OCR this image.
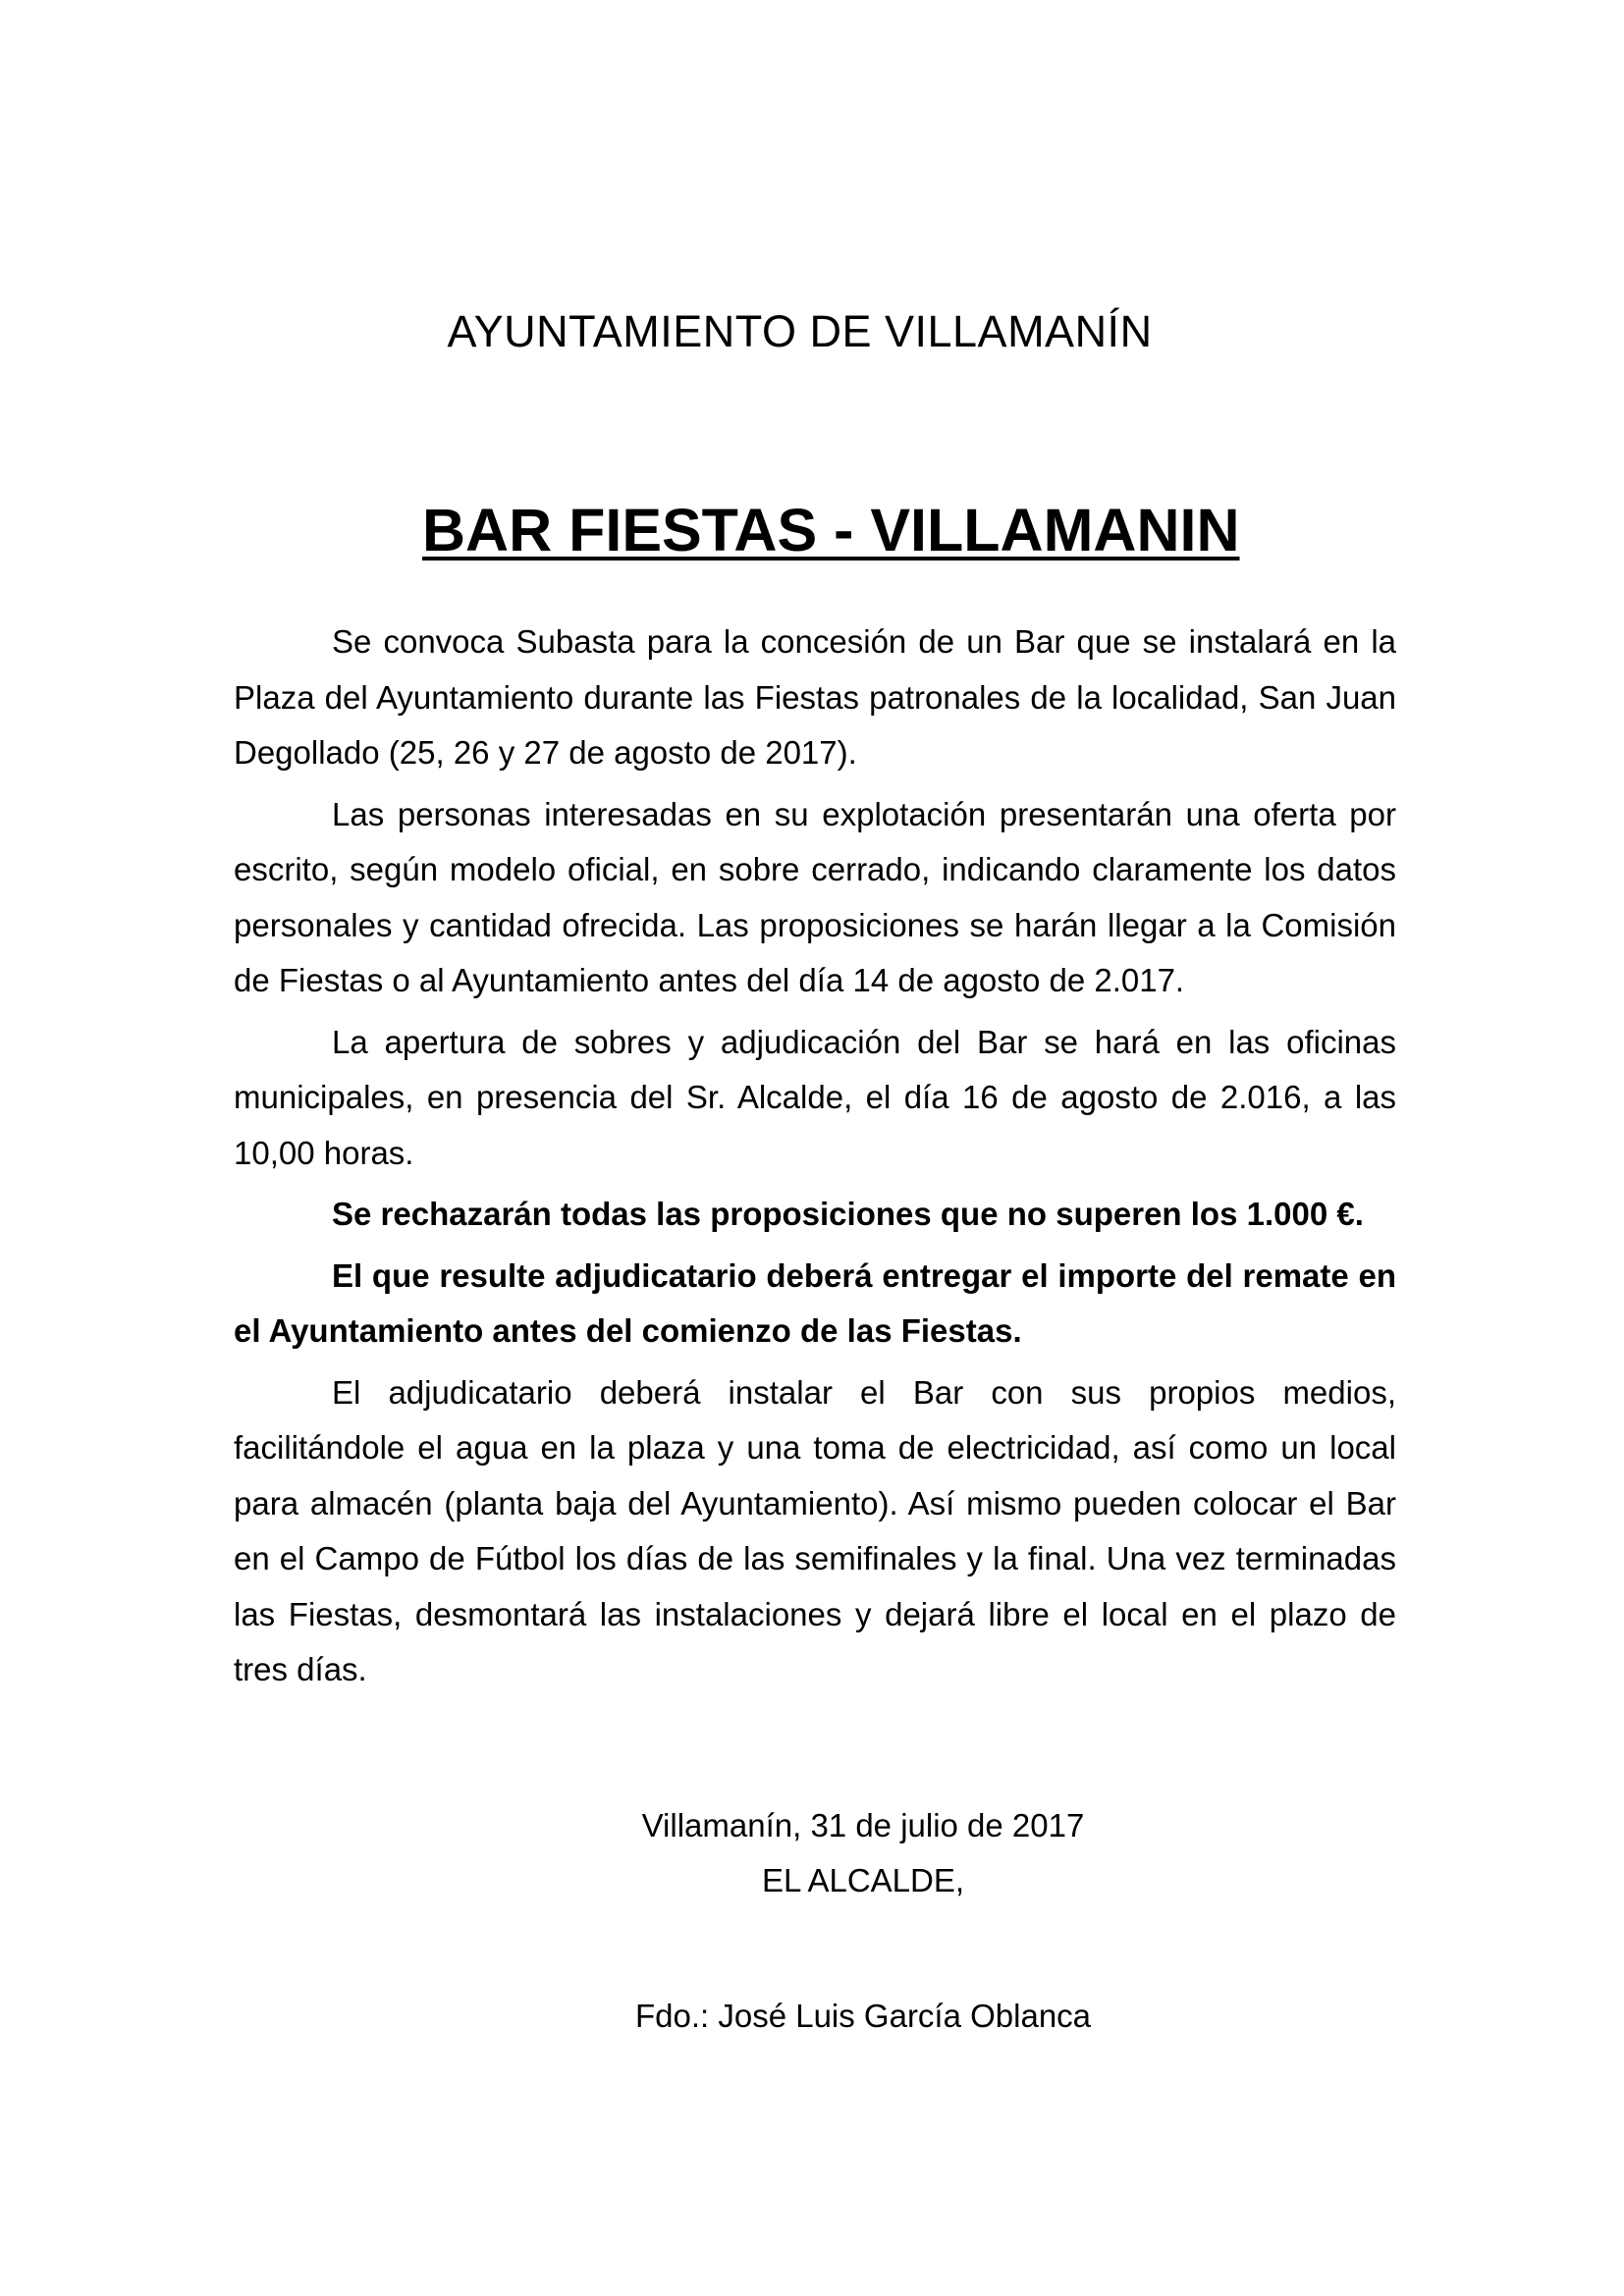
AYUNTAMIENTO DE VILLAMANÍN
BAR FIESTAS - VILLAMANIN

Se convoca Subasta para la concesión de un Bar que se instalará en la Plaza del Ayuntamiento durante las Fiestas patronales de la localidad, San Juan Degollado (25, 26 y 27 de agosto de 2017).

Las personas interesadas en su explotación presentarán una oferta por escrito, según modelo oficial, en sobre cerrado, indicando claramente los datos personales y cantidad ofrecida. Las proposiciones se harán llegar a la Comisión de Fiestas o al Ayuntamiento antes del día 14 de agosto de 2.017.

La apertura de sobres y adjudicación del Bar se hará en las oficinas municipales, en presencia del Sr. Alcalde, el día 16 de agosto de 2.016, a las 10,00 horas.

Se rechazarán todas las proposiciones que no superen los 1.000 €.

El que resulte adjudicatario deberá entregar el importe del remate en el Ayuntamiento antes del comienzo de las Fiestas.

El adjudicatario deberá instalar el Bar con sus propios medios, facilitándole el agua en la plaza y una toma de electricidad, así como un local para almacén (planta baja del Ayuntamiento). Así mismo pueden colocar el Bar en el Campo de Fútbol los días de las semifinales y la final. Una vez terminadas las Fiestas, desmontará las instalaciones y dejará libre el local en el plazo de tres días.

Villamanín, 31 de julio de 2017
EL ALCALDE,
Fdo.: José Luis García Oblanca
